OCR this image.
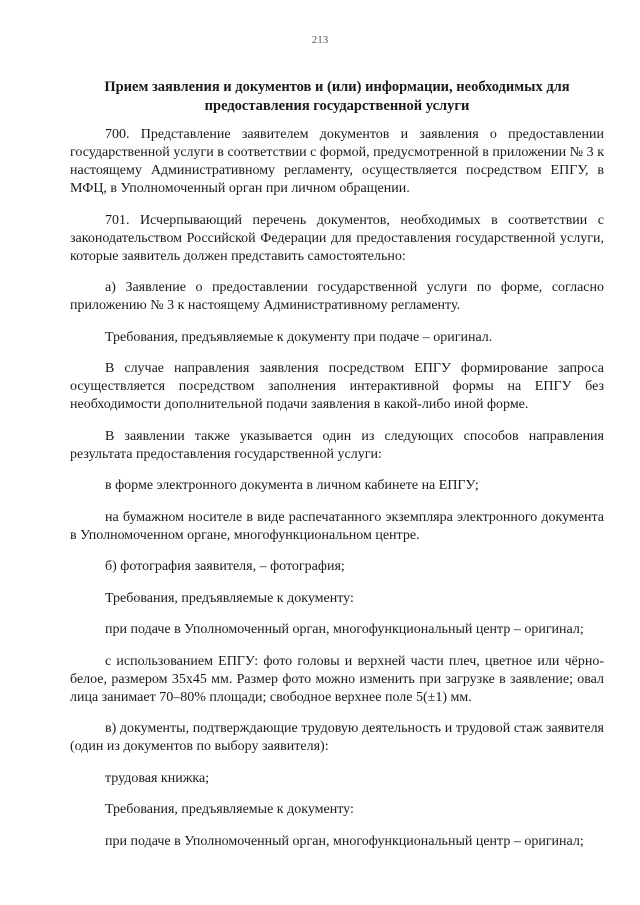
213
Прием заявления и документов и (или) информации, необходимых для предоставления государственной услуги

700. Представление заявителем документов и заявления о предоставлении государственной услуги в соответствии с формой, предусмотренной в приложении № 3 к настоящему Административному регламенту, осуществляется посредством ЕПГУ, в МФЦ, в Уполномоченный орган при личном обращении.

701. Исчерпывающий перечень документов, необходимых в соответствии с законодательством Российской Федерации для предоставления государственной услуги, которые заявитель должен представить самостоятельно:

а) Заявление о предоставлении государственной услуги по форме, согласно приложению № 3 к настоящему Административному регламенту.

Требования, предъявляемые к документу при подаче – оригинал.

В случае направления заявления посредством ЕПГУ формирование запроса осуществляется посредством заполнения интерактивной формы на ЕПГУ без необходимости дополнительной подачи заявления в какой-либо иной форме.

В заявлении также указывается один из следующих способов направления результата предоставления государственной услуги:

в форме электронного документа в личном кабинете на ЕПГУ;

на бумажном носителе в виде распечатанного экземпляра электронного документа в Уполномоченном органе, многофункциональном центре.

б) фотография заявителя, – фотография;

Требования, предъявляемые к документу:

при подаче в Уполномоченный орган, многофункциональный центр – оригинал;

с использованием ЕПГУ: фото головы и верхней части плеч, цветное или чёрно-белое, размером 35x45 мм. Размер фото можно изменить при загрузке в заявление; овал лица занимает 70–80% площади; свободное верхнее поле 5(±1) мм.

в) документы, подтверждающие трудовую деятельность и трудовой стаж заявителя (один из документов по выбору заявителя):

трудовая книжка;

Требования, предъявляемые к документу:

при подаче в Уполномоченный орган, многофункциональный центр – оригинал;
